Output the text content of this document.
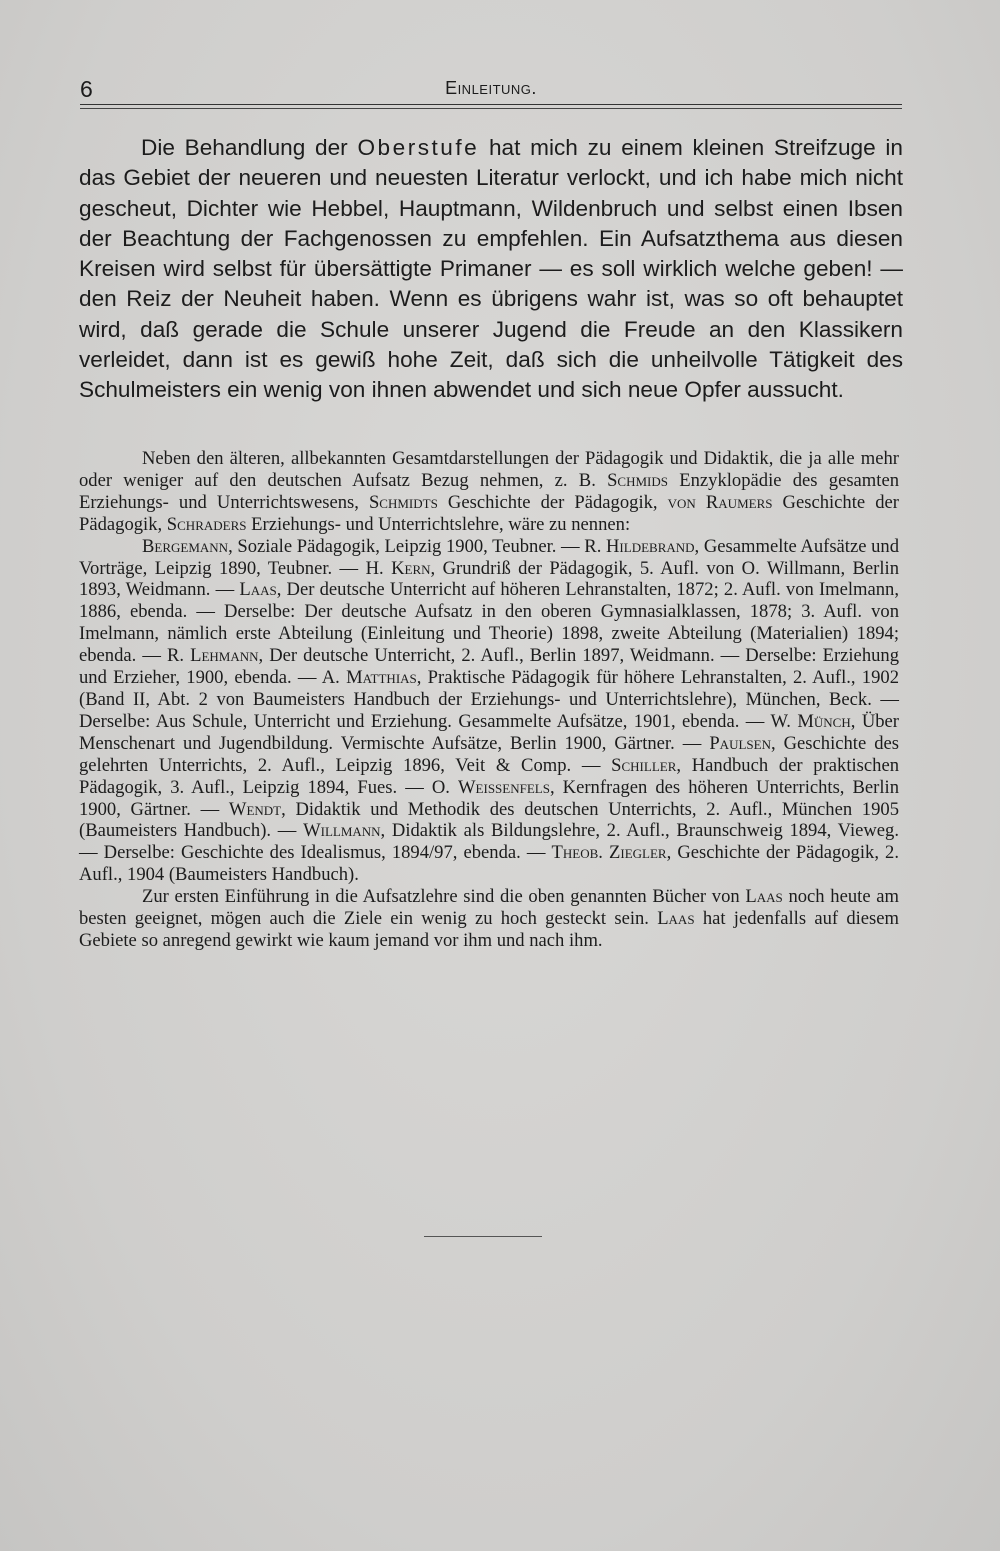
6	Einleitung.

Die Behandlung der Oberstufe hat mich zu einem kleinen Streifzuge in das Gebiet der neueren und neuesten Literatur verlockt, und ich habe mich nicht gescheut, Dichter wie Hebbel, Hauptmann, Wildenbruch und selbst einen Ibsen der Beachtung der Fachgenossen zu empfehlen. Ein Aufsatzthema aus diesen Kreisen wird selbst für übersättigte Primaner — es soll wirklich welche geben! — den Reiz der Neuheit haben. Wenn es übrigens wahr ist, was so oft behauptet wird, daß gerade die Schule unserer Jugend die Freude an den Klassikern verleidet, dann ist es gewiß hohe Zeit, daß sich die unheilvolle Tätigkeit des Schulmeisters ein wenig von ihnen abwendet und sich neue Opfer aussucht.

Neben den älteren, allbekannten Gesamtdarstellungen der Pädagogik und Didaktik, die ja alle mehr oder weniger auf den deutschen Aufsatz Bezug nehmen, z. B. Schmids Enzyklopädie des gesamten Erziehungs- und Unterrichtswesens, Schmidts Geschichte der Pädagogik, von Raumers Geschichte der Pädagogik, Schraders Erziehungs- und Unterrichtslehre, wäre zu nennen:

Bergemann, Soziale Pädagogik, Leipzig 1900, Teubner. — R. Hildebrand, Gesammelte Aufsätze und Vorträge, Leipzig 1890, Teubner. — H. Kern, Grundriß der Pädagogik, 5. Aufl. von O. Willmann, Berlin 1893, Weidmann. — Laas, Der deutsche Unterricht auf höheren Lehranstalten, 1872; 2. Aufl. von Imelmann, 1886, ebenda. — Derselbe: Der deutsche Aufsatz in den oberen Gymnasialklassen, 1878; 3. Aufl. von Imelmann, nämlich erste Abteilung (Einleitung und Theorie) 1898, zweite Abteilung (Materialien) 1894; ebenda. — R. Lehmann, Der deutsche Unterricht, 2. Aufl., Berlin 1897, Weidmann. — Derselbe: Erziehung und Erzieher, 1900, ebenda. — A. Matthias, Praktische Pädagogik für höhere Lehranstalten, 2. Aufl., 1902 (Band II, Abt. 2 von Baumeisters Handbuch der Erziehungs- und Unterrichtslehre), München, Beck. — Derselbe: Aus Schule, Unterricht und Erziehung. Gesammelte Aufsätze, 1901, ebenda. — W. Münch, Über Menschenart und Jugendbildung. Vermischte Aufsätze, Berlin 1900, Gärtner. — Paulsen, Geschichte des gelehrten Unterrichts, 2. Aufl., Leipzig 1896, Veit & Comp. — Schiller, Handbuch der praktischen Pädagogik, 3. Aufl., Leipzig 1894, Fues. — O. Weissenfels, Kernfragen des höheren Unterrichts, Berlin 1900, Gärtner. — Wendt, Didaktik und Methodik des deutschen Unterrichts, 2. Aufl., München 1905 (Baumeisters Handbuch). — Willmann, Didaktik als Bildungslehre, 2. Aufl., Braunschweig 1894, Vieweg. — Derselbe: Geschichte des Idealismus, 1894/97, ebenda. — Theob. Ziegler, Geschichte der Pädagogik, 2. Aufl., 1904 (Baumeisters Handbuch).

Zur ersten Einführung in die Aufsatzlehre sind die oben genannten Bücher von Laas noch heute am besten geeignet, mögen auch die Ziele ein wenig zu hoch gesteckt sein. Laas hat jedenfalls auf diesem Gebiete so anregend gewirkt wie kaum jemand vor ihm und nach ihm.
